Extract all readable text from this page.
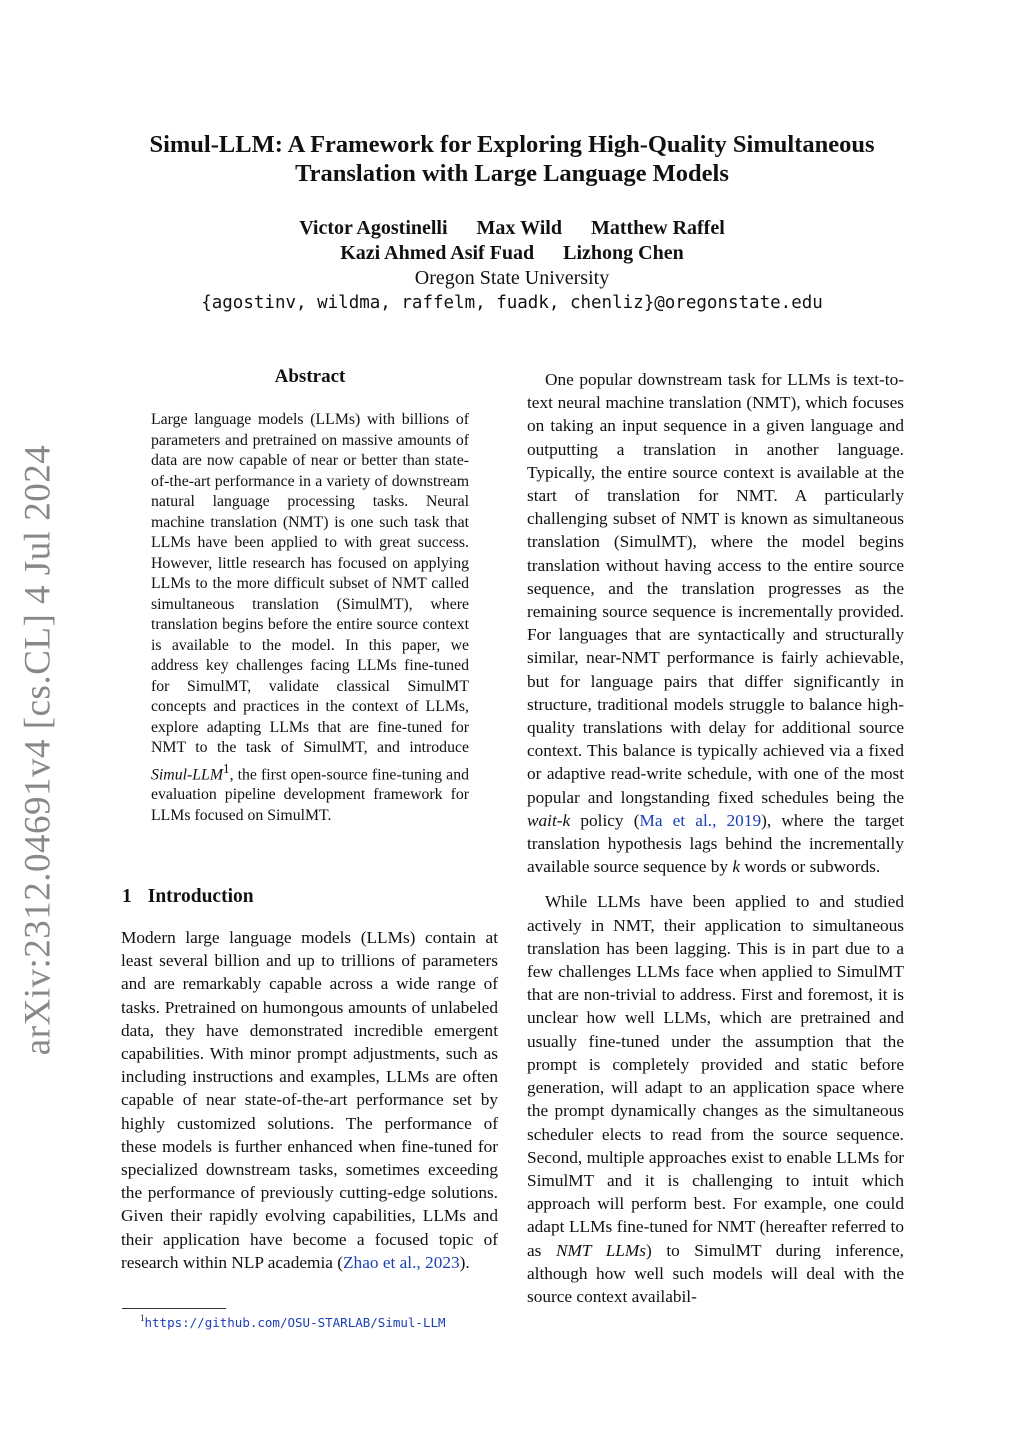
arXiv:2312.04691v4 [cs.CL] 4 Jul 2024
Simul-LLM: A Framework for Exploring High-Quality Simultaneous
Translation with Large Language Models
Victor Agostinelli Max Wild Matthew Raffel
Kazi Ahmed Asif Fuad Lizhong Chen
Oregon State University
{agostinv, wildma, raffelm, fuadk, chenliz}@oregonstate.edu
Abstract
Large language models (LLMs) with billions of parameters and pretrained on massive amounts of data are now capable of near or better than state-of-the-art performance in a variety of downstream natural language processing tasks. Neural machine translation (NMT) is one such task that LLMs have been applied to with great success. However, little research has focused on applying LLMs to the more difficult subset of NMT called simultaneous translation (SimulMT), where translation begins before the entire source context is available to the model. In this paper, we address key challenges facing LLMs fine-tuned for SimulMT, validate classical SimulMT concepts and practices in the context of LLMs, explore adapting LLMs that are fine-tuned for NMT to the task of SimulMT, and introduce Simul-LLM$^1$, the first open-source fine-tuning and evaluation pipeline development framework for LLMs focused on SimulMT.
1 Introduction

Modern large language models (LLMs) contain at least several billion and up to trillions of parameters and are remarkably capable across a wide range of tasks. Pretrained on humongous amounts of unlabeled data, they have demonstrated incredible emergent capabilities. With minor prompt adjustments, such as including instructions and examples, LLMs are often capable of near state-of-the-art performance set by highly customized solutions. The performance of these models is further enhanced when fine-tuned for specialized downstream tasks, sometimes exceeding the performance of previously cutting-edge solutions. Given their rapidly evolving capabilities, LLMs and their application have become a focused topic of research within NLP academia (Zhao et al., 2023).

One popular downstream task for LLMs is text-to-text neural machine translation (NMT), which focuses on taking an input sequence in a given language and outputting a translation in another language. Typically, the entire source context is available at the start of translation for NMT. A particularly challenging subset of NMT is known as simultaneous translation (SimulMT), where the model begins translation without having access to the entire source sequence, and the translation progresses as the remaining source sequence is incrementally provided. For languages that are syntactically and structurally similar, near-NMT performance is fairly achievable, but for language pairs that differ significantly in structure, traditional models struggle to balance high-quality translations with delay for additional source context. This balance is typically achieved via a fixed or adaptive read-write schedule, with one of the most popular and longstanding fixed schedules being the wait-k policy (Ma et al., 2019), where the target translation hypothesis lags behind the incrementally available source sequence by k words or subwords.

While LLMs have been applied to and studied actively in NMT, their application to simultaneous translation has been lagging. This is in part due to a few challenges LLMs face when applied to SimulMT that are non-trivial to address. First and foremost, it is unclear how well LLMs, which are pretrained and usually fine-tuned under the assumption that the prompt is completely provided and static before generation, will adapt to an application space where the prompt dynamically changes as the simultaneous scheduler elects to read from the source sequence. Second, multiple approaches exist to enable LLMs for SimulMT and it is challenging to intuit which approach will perform best. For example, one could adapt LLMs fine-tuned for NMT (hereafter referred to as NMT LLMs) to SimulMT during inference, although how well such models will deal with the source context availabil-

$^1$https://github.com/OSU-STARLAB/Simul-LLM
